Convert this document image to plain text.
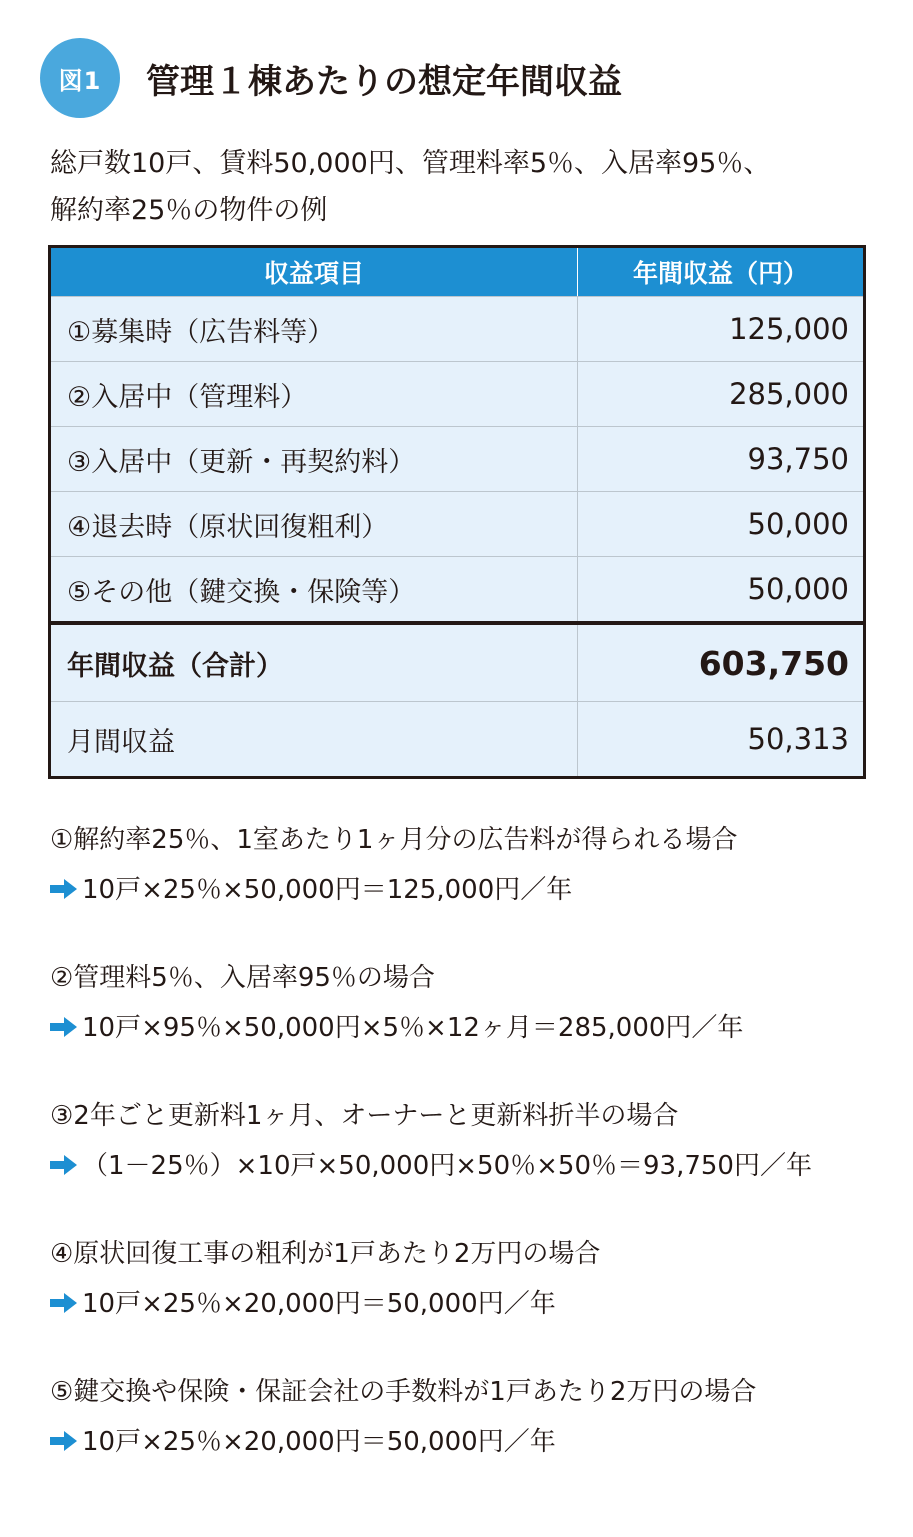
図1	管理１棟あたりの想定年間収益
総戸数10戸、賃料50,000円、管理料率5％、入居率95％、
解約率25％の物件の例
収益項目	年間収益（円）
①募集時（広告料等）	125,000
②入居中（管理料）	285,000
③入居中（更新・再契約料）	93,750
④退去時（原状回復粗利）	50,000
⑤その他（鍵交換・保険等）	50,000
年間収益（合計）	603,750
月間収益	50,313
①解約率25％、1室あたり1ヶ月分の広告料が得られる場合
10戸×25％×50,000円＝125,000円／年
②管理料5％、入居率95％の場合
10戸×95％×50,000円×5％×12ヶ月＝285,000円／年
③2年ごと更新料1ヶ月、オーナーと更新料折半の場合
（1－25％）×10戸×50,000円×50％×50％＝93,750円／年
④原状回復工事の粗利が1戸あたり2万円の場合
10戸×25％×20,000円＝50,000円／年
⑤鍵交換や保険・保証会社の手数料が1戸あたり2万円の場合
10戸×25％×20,000円＝50,000円／年
